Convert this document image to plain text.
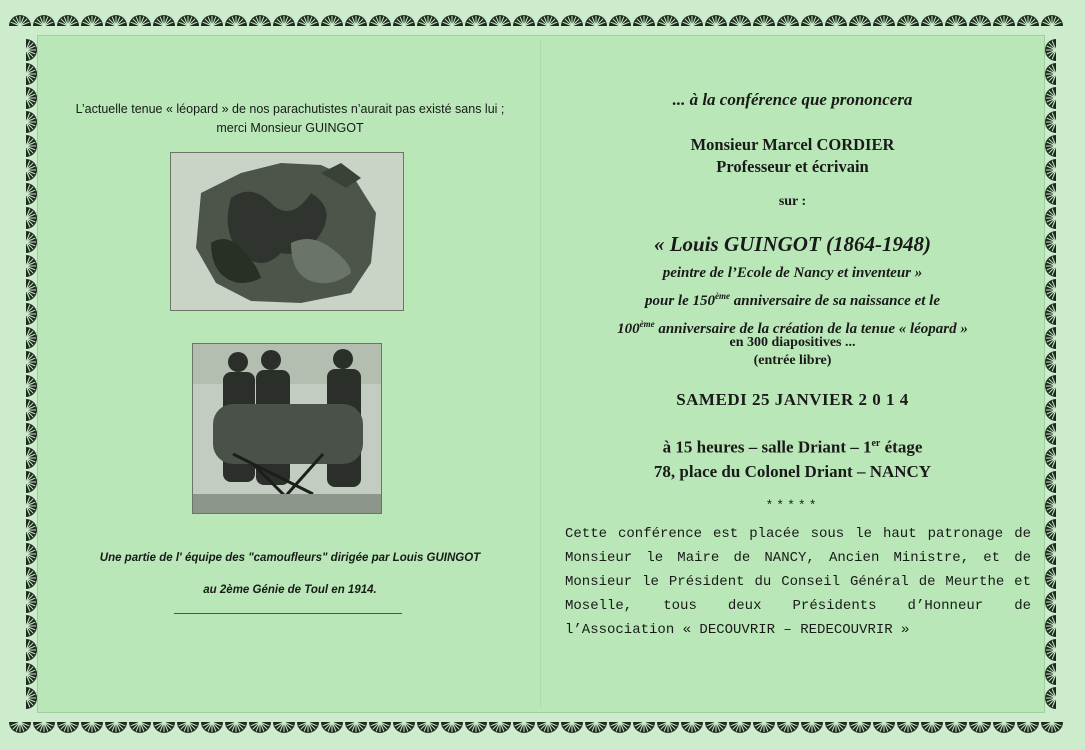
L’actuelle tenue « léopard » de nos parachutistes n’aurait pas existé sans lui ; merci Monsieur GUINGOT
Une partie de l' équipe des "camoufleurs" dirigée par Louis GUINGOT
au 2ème Génie de Toul en 1914.
... à la conférence que prononcera
Monsieur Marcel CORDIER
Professeur et écrivain
sur :
« Louis GUINGOT (1864-1948)
peintre de l’Ecole de Nancy et inventeur »
pour le 150ème anniversaire de sa naissance et le
100ème anniversaire de la création de la tenue « léopard »
en 300 diapositives ...
(entrée libre)
SAMEDI 25 JANVIER 2 0 1 4
à 15 heures – salle Driant – 1er étage
78, place du Colonel Driant – NANCY
*****
Cette conférence est placée sous le haut patronage de Monsieur le Maire de NANCY, Ancien Ministre, et de Monsieur le Président du Conseil Général de Meurthe et Moselle, tous deux Présidents d’Honneur de l’Association « DECOUVRIR – REDECOUVRIR »
